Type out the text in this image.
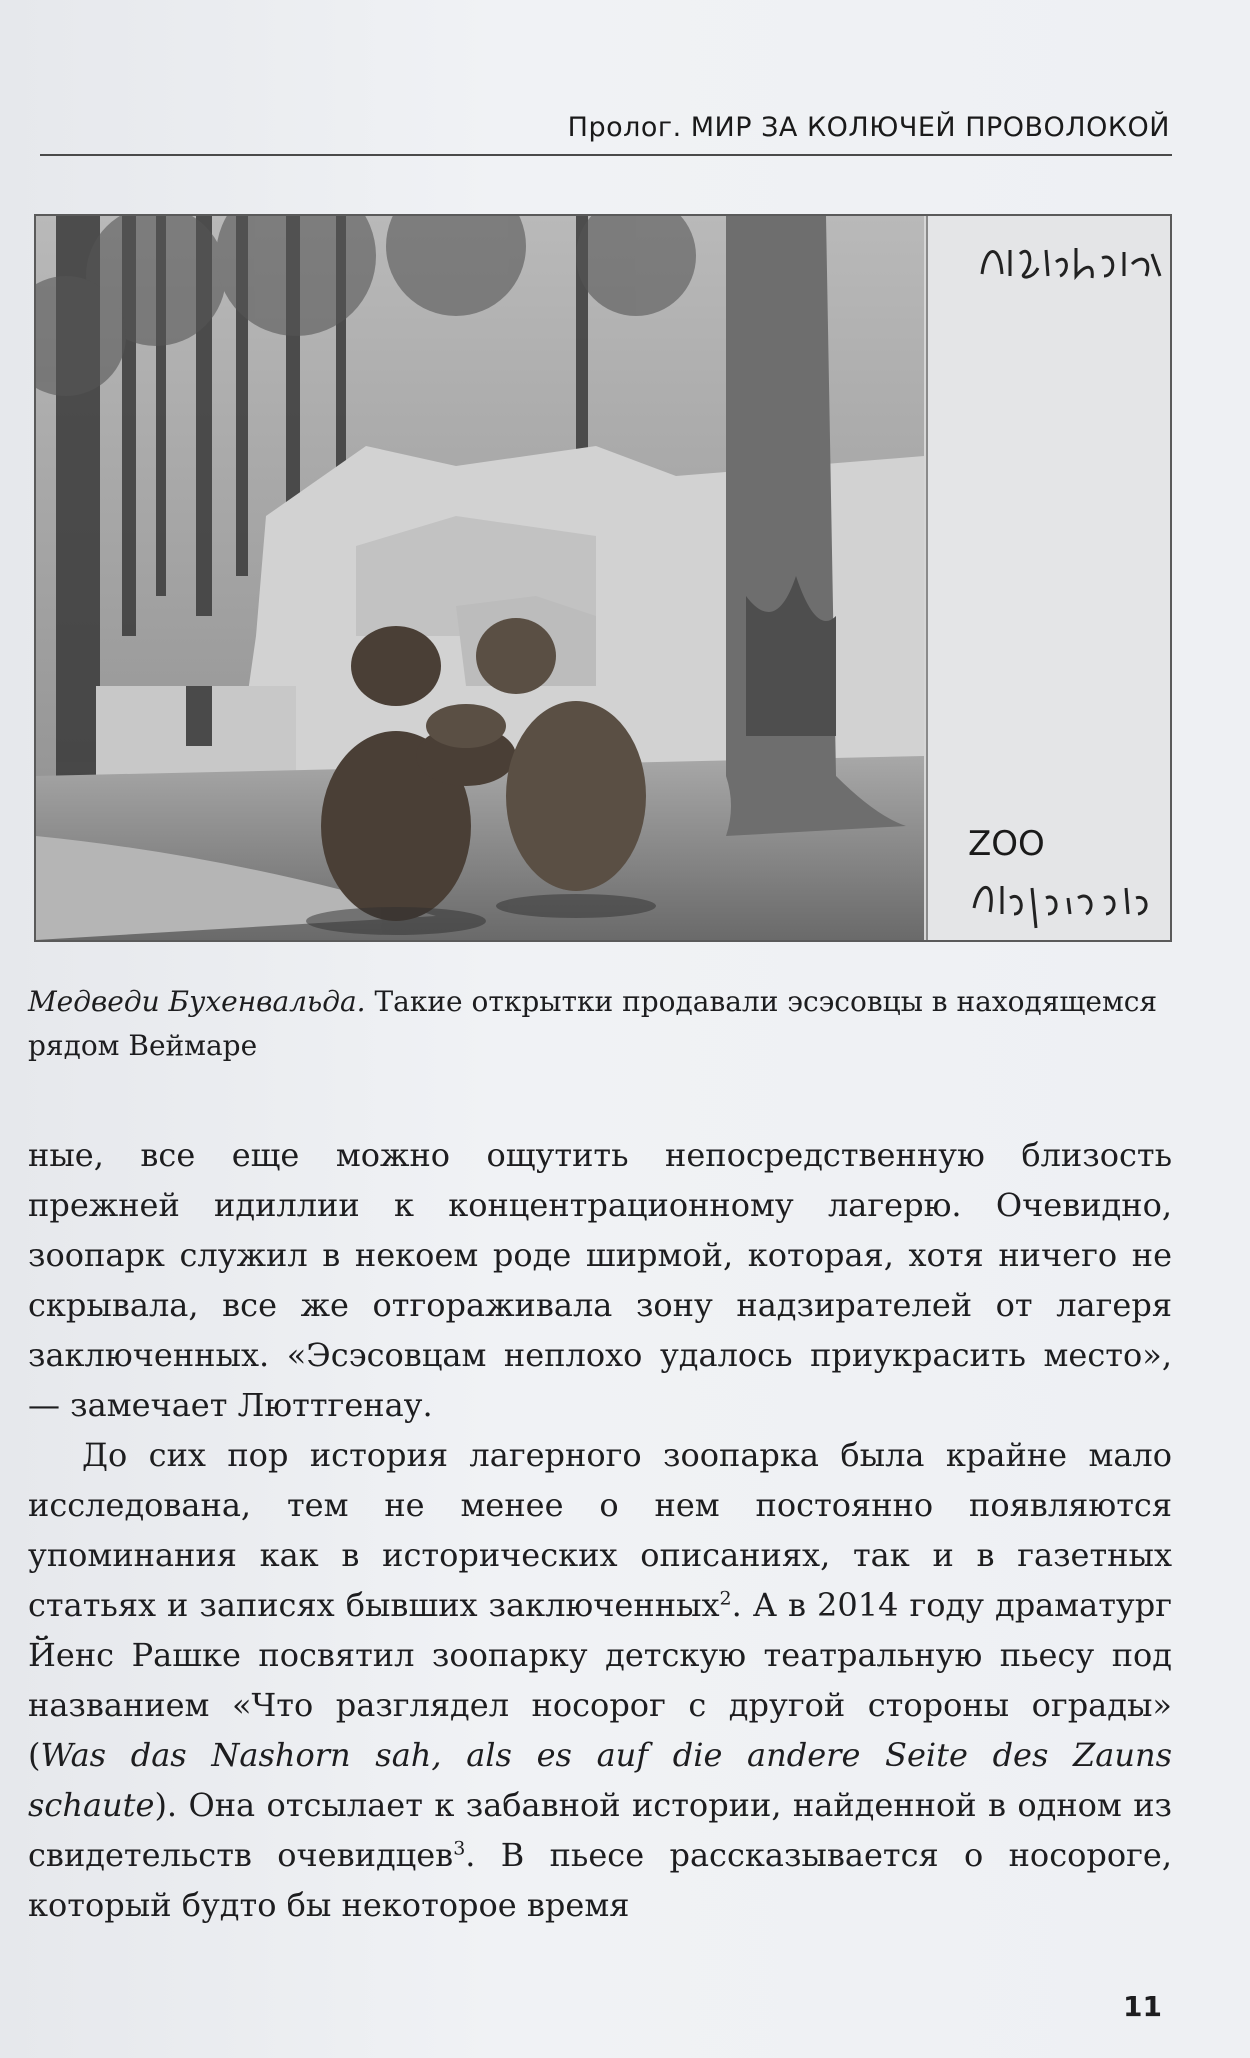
Пролог. МИР ЗА КОЛЮЧЕЙ ПРОВОЛОКОЙ
ZOO
Медведи Бухенвальда. Такие открытки продавали эсэсовцы в находящемся рядом Веймаре

ные, все еще можно ощутить непосредственную близость прежней идиллии к концентрационному лагерю. Очевидно, зоопарк служил в некоем роде ширмой, которая, хотя ничего не скрывала, все же отгораживала зону надзирателей от лагеря заключенных. «Эсэсовцам неплохо удалось приукрасить место», — замечает Люттгенау.

До сих пор история лагерного зоопарка была крайне мало исследована, тем не менее о нем постоянно появляются упоминания как в исторических описаниях, так и в газетных статьях и записях бывших заключенных$^2$. А в 2014 году драматург Йенс Рашке посвятил зоопарку детскую театральную пьесу под названием «Что разглядел носорог с другой стороны ограды» (Was das Nashorn sah, als es auf die andere Seite des Zauns schaute). Она отсылает к забавной истории, найденной в одном из свидетельств очевидцев$^3$. В пьесе рассказывается о носороге, который будто бы некоторое время

11
